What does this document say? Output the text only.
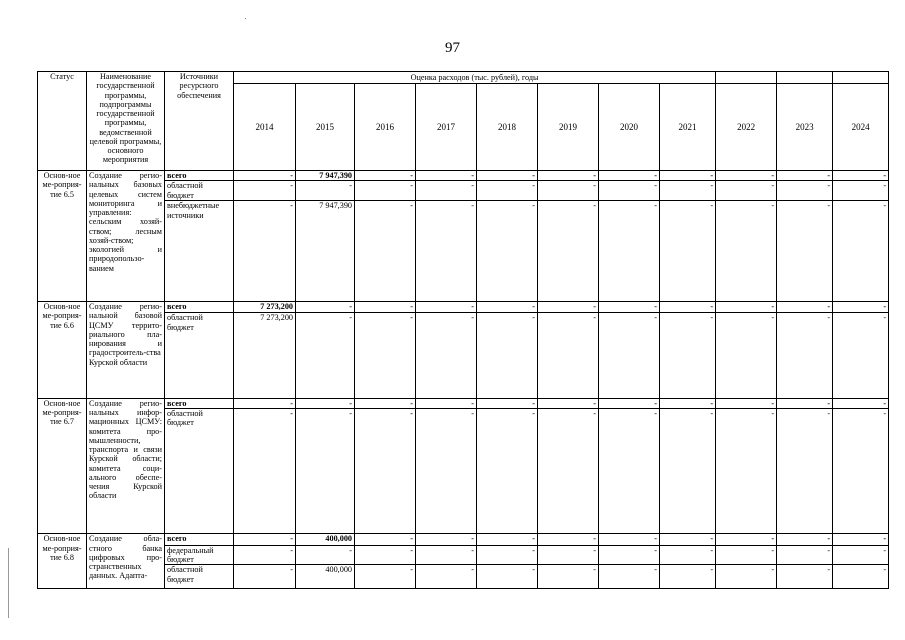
97
Статус	Наименование государственной программы, подпрограммы государственной программы, ведомственной целевой программы, основного мероприятия	Источники ресурсного обеспечения	Оценка расходов (тыс. рублей), годы										
			2014	2015	2016	2017	2018	2019	2020	2021	2022	2023	2024
Основ-ное ме-роприя-тие 6.5	Создание регио-нальных базовых целевых систем мониторинга и управления: сельским хозяй-ством; лесным хозяй-ством; экологией и природопользо-ванием	всего	-	7 947,390	-	-	-	-	-	-	-	-	-
		областной бюджет	-	-	-	-	-	-	-	-	-	-	-
		внебюджетные источники	-	7 947,390	-	-	-	-	-	-	-	-	-
Основ-ное ме-роприя-тие 6.6	Создание регио-нальной базовой ЦСМУ террито-риального пла-нирования и градостроитель-ства Курской области	всего	7 273,200	-	-	-	-	-	-	-	-	-	-
		областной бюджет	7 273,200	-	-	-	-	-	-	-	-	-	-
Основ-ное ме-роприя-тие 6.7	Создание регио-нальных инфор-мационных ЦСМУ: комитета про-мышленности, транспорта и связи Курской области; комитета соци-ального обеспе-чения Курской области	всего	-	-	-	-	-	-	-	-	-	-	-
		областной бюджет	-	-	-	-	-	-	-	-	-	-	-
Основ-ное ме-роприя-тие 6.8	Создание обла-стного банка цифровых про-странственных данных. Адапта-	всего	-	400,000	-	-	-	-	-	-	-	-	-
		федеральный бюджет	-	-	-	-	-	-	-	-	-	-	-
		областной бюджет	-	400,000	-	-	-	-	-	-	-	-	-
